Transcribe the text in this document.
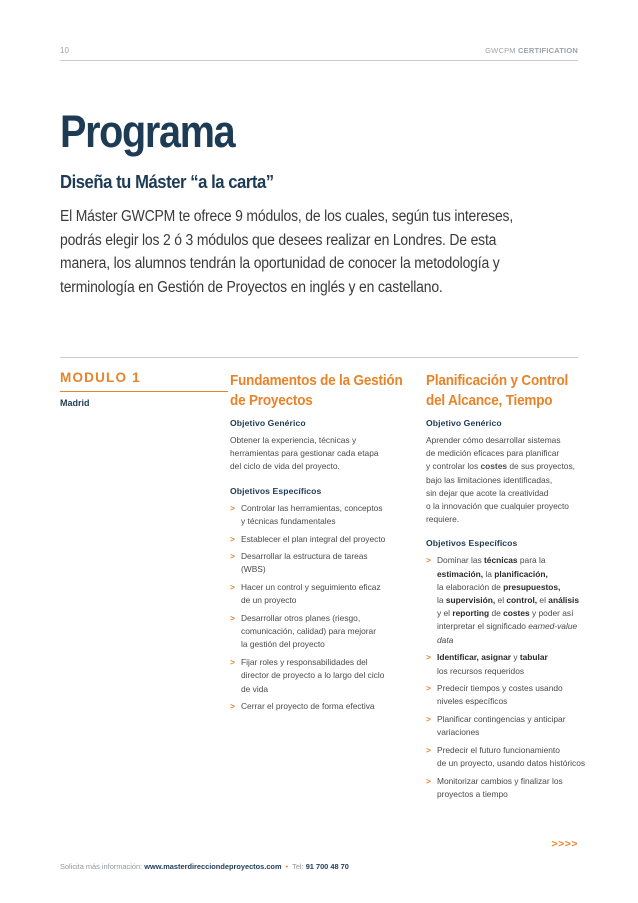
10	GWCPM CERTIFICATION
Programa
Diseña tu Máster “a la carta”

El Máster GWCPM te ofrece 9 módulos, de los cuales, según tus intereses, podrás elegir los 2 ó 3 módulos que desees realizar en Londres. De esta manera, los alumnos tendrán la oportunidad de conocer la metodología y terminología en Gestión de Proyectos en inglés y en castellano.

MODULO 1
Madrid
Fundamentos de la Gestión
de Proyectos
Objetivo Genérico
Obtener la experiencia, técnicas y
herramientas para gestionar cada etapa
del ciclo de vida del proyecto.
Objetivos Específicos
> Controlar las herramientas, conceptos
y técnicas fundamentales
> Establecer el plan integral del proyecto
> Desarrollar la estructura de tareas
(WBS)
> Hacer un control y seguimiento eficaz
de un proyecto
> Desarrollar otros planes (riesgo,
comunicación, calidad) para mejorar
la gestión del proyecto
> Fijar roles y responsabilidades del
director de proyecto a lo largo del ciclo
de vida
> Cerrar el proyecto de forma efectiva
Planificación y Control
del Alcance, Tiempo
Objetivo Genérico
Aprender cómo desarrollar sistemas
de medición eficaces para planificar
y controlar los costes de sus proyectos,
bajo las limitaciones identificadas,
sin dejar que acote la creatividad
o la innovación que cualquier proyecto
requiere.
Objetivos Específicos
> Dominar las técnicas para la
estimación, la planificación,
la elaboración de presupuestos,
la supervisión, el control, el análisis
y el reporting de costes y poder así
interpretar el significado earned-value
data
> Identificar, asignar y tabular
los recursos requeridos
> Predecir tiempos y costes usando
niveles específicos
> Planificar contingencias y anticipar
variaciones
> Predecir el futuro funcionamiento
de un proyecto, usando datos históricos
> Monitorizar cambios y finalizar los
proyectos a tiempo
>>>>
Solicita más información: www.masterdirecciondeproyectos.com • Tel: 91 700 48 70
